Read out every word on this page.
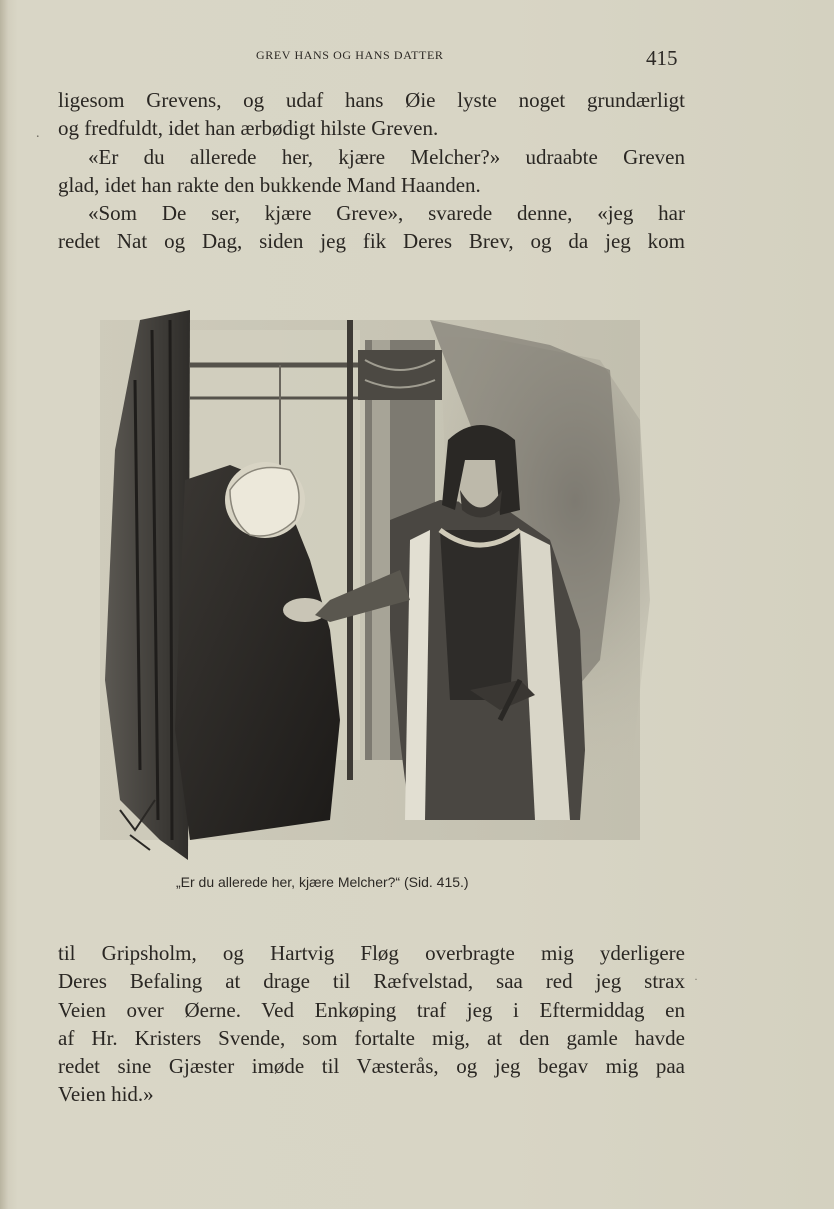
GREV HANS OG HANS DATTER	415
.
ligesom Grevens, og udaf hans Øie lyste noget grundærligt
og fredfuldt, idet han ærbødigt hilste Greven.
«Er du allerede her, kjære Melcher?» udraabte Greven
glad, idet han rakte den bukkende Mand Haanden.
«Som De ser, kjære Greve», svarede denne, «jeg har
redet Nat og Dag, siden jeg fik Deres Brev, og da jeg kom
„Er du allerede her, kjære Melcher?“ (Sid. 415.)
til Gripsholm, og Hartvig Fløg overbragte mig yderligere
Deres Befaling at drage til Ræfvelstad, saa red jeg strax
Veien over Øerne. Ved Enkøping traf jeg i Eftermiddag en
af Hr. Kristers Svende, som fortalte mig, at den gamle havde
redet sine Gjæster imøde til Væsterås, og jeg begav mig paa
Veien hid.»
·
